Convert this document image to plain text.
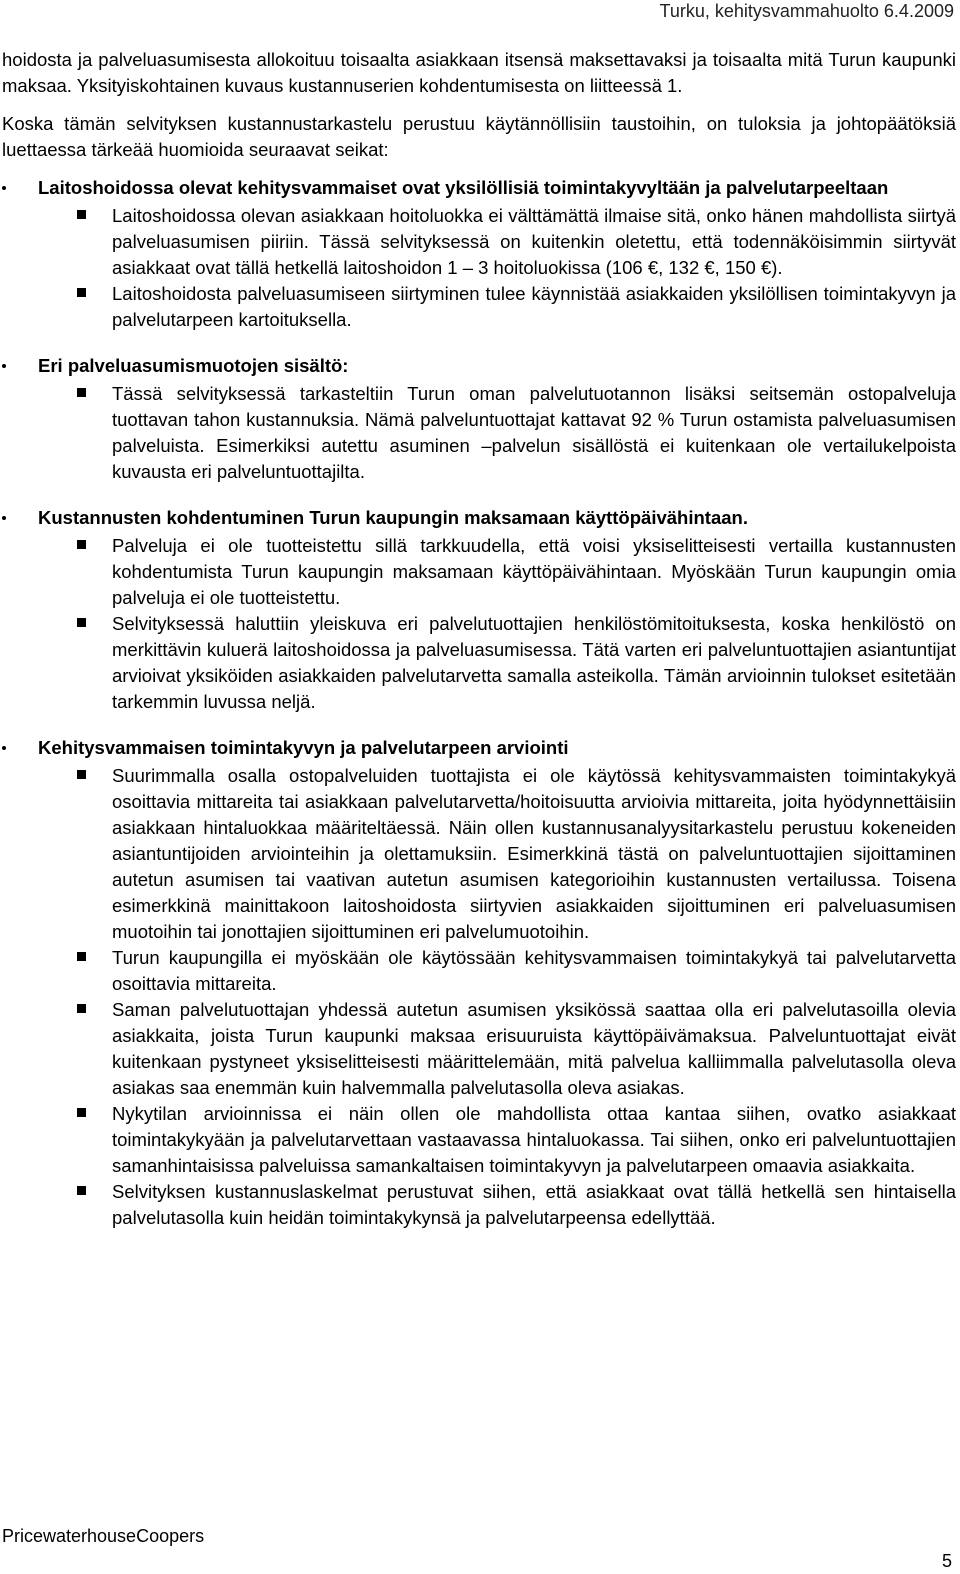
Turku, kehitysvammahuolto 6.4.2009

hoidosta ja palveluasumisesta allokoituu toisaalta asiakkaan itsensä maksettavaksi ja toisaalta mitä Turun kaupunki maksaa. Yksityiskohtainen kuvaus kustannuserien kohdentumisesta on liitteessä 1.

Koska tämän selvityksen kustannustarkastelu perustuu käytännöllisiin taustoihin, on tuloksia ja johtopäätöksiä luettaessa tärkeää huomioida seuraavat seikat:

Laitoshoidossa olevat kehitysvammaiset ovat yksilöllisiä toimintakyvyltään ja palvelutarpeeltaan
Laitoshoidossa olevan asiakkaan hoitoluokka ei välttämättä ilmaise sitä, onko hänen mahdollista siirtyä palveluasumisen piiriin. Tässä selvityksessä on kuitenkin oletettu, että todennäköisimmin siirtyvät asiakkaat ovat tällä hetkellä laitoshoidon 1 – 3 hoitoluokissa (106 €, 132 €, 150 €).
Laitoshoidosta palveluasumiseen siirtyminen tulee käynnistää asiakkaiden yksilöllisen toimintakyvyn ja palvelutarpeen kartoituksella.
Eri palveluasumismuotojen sisältö:
Tässä selvityksessä tarkasteltiin Turun oman palvelutuotannon lisäksi seitsemän ostopalveluja tuottavan tahon kustannuksia. Nämä palveluntuottajat kattavat 92 % Turun ostamista palveluasumisen palveluista. Esimerkiksi autettu asuminen –palvelun sisällöstä ei kuitenkaan ole vertailukelpoista kuvausta eri palveluntuottajilta.
Kustannusten kohdentuminen Turun kaupungin maksamaan käyttöpäivähintaan.
Palveluja ei ole tuotteistettu sillä tarkkuudella, että voisi yksiselitteisesti vertailla kustannusten kohdentumista Turun kaupungin maksamaan käyttöpäivähintaan. Myöskään Turun kaupungin omia palveluja ei ole tuotteistettu.
Selvityksessä haluttiin yleiskuva eri palvelutuottajien henkilöstömitoituksesta, koska henkilöstö on merkittävin kuluerä laitoshoidossa ja palveluasumisessa. Tätä varten eri palveluntuottajien asiantuntijat arvioivat yksiköiden asiakkaiden palvelutarvetta samalla asteikolla. Tämän arvioinnin tulokset esitetään tarkemmin luvussa neljä.
Kehitysvammaisen toimintakyvyn ja palvelutarpeen arviointi
Suurimmalla osalla ostopalveluiden tuottajista ei ole käytössä kehitysvammaisten toimintakykyä osoittavia mittareita tai asiakkaan palvelutarvetta/hoitoisuutta arvioivia mittareita, joita hyödynnettäisiin asiakkaan hintaluokkaa määriteltäessä. Näin ollen kustannusanalyysitarkastelu perustuu kokeneiden asiantuntijoiden arviointeihin ja olettamuksiin. Esimerkkinä tästä on palveluntuottajien sijoittaminen autetun asumisen tai vaativan autetun asumisen kategorioihin kustannusten vertailussa. Toisena esimerkkinä mainittakoon laitoshoidosta siirtyvien asiakkaiden sijoittuminen eri palveluasumisen muotoihin tai jonottajien sijoittuminen eri palvelumuotoihin.
Turun kaupungilla ei myöskään ole käytössään kehitysvammaisen toimintakykyä tai palvelutarvetta osoittavia mittareita.
Saman palvelutuottajan yhdessä autetun asumisen yksikössä saattaa olla eri palvelutasoilla olevia asiakkaita, joista Turun kaupunki maksaa erisuuruista käyttöpäivämaksua. Palveluntuottajat eivät kuitenkaan pystyneet yksiselitteisesti määrittelemään, mitä palvelua kalliimmalla palvelutasolla oleva asiakas saa enemmän kuin halvemmalla palvelutasolla oleva asiakas.
Nykytilan arvioinnissa ei näin ollen ole mahdollista ottaa kantaa siihen, ovatko asiakkaat toimintakykyään ja palvelutarvettaan vastaavassa hintaluokassa. Tai siihen, onko eri palveluntuottajien samanhintaisissa palveluissa samankaltaisen toimintakyvyn ja palvelutarpeen omaavia asiakkaita.
Selvityksen kustannuslaskelmat perustuvat siihen, että asiakkaat ovat tällä hetkellä sen hintaisella palvelutasolla kuin heidän toimintakykynsä ja palvelutarpeensa edellyttää.
PricewaterhouseCoopers
5
